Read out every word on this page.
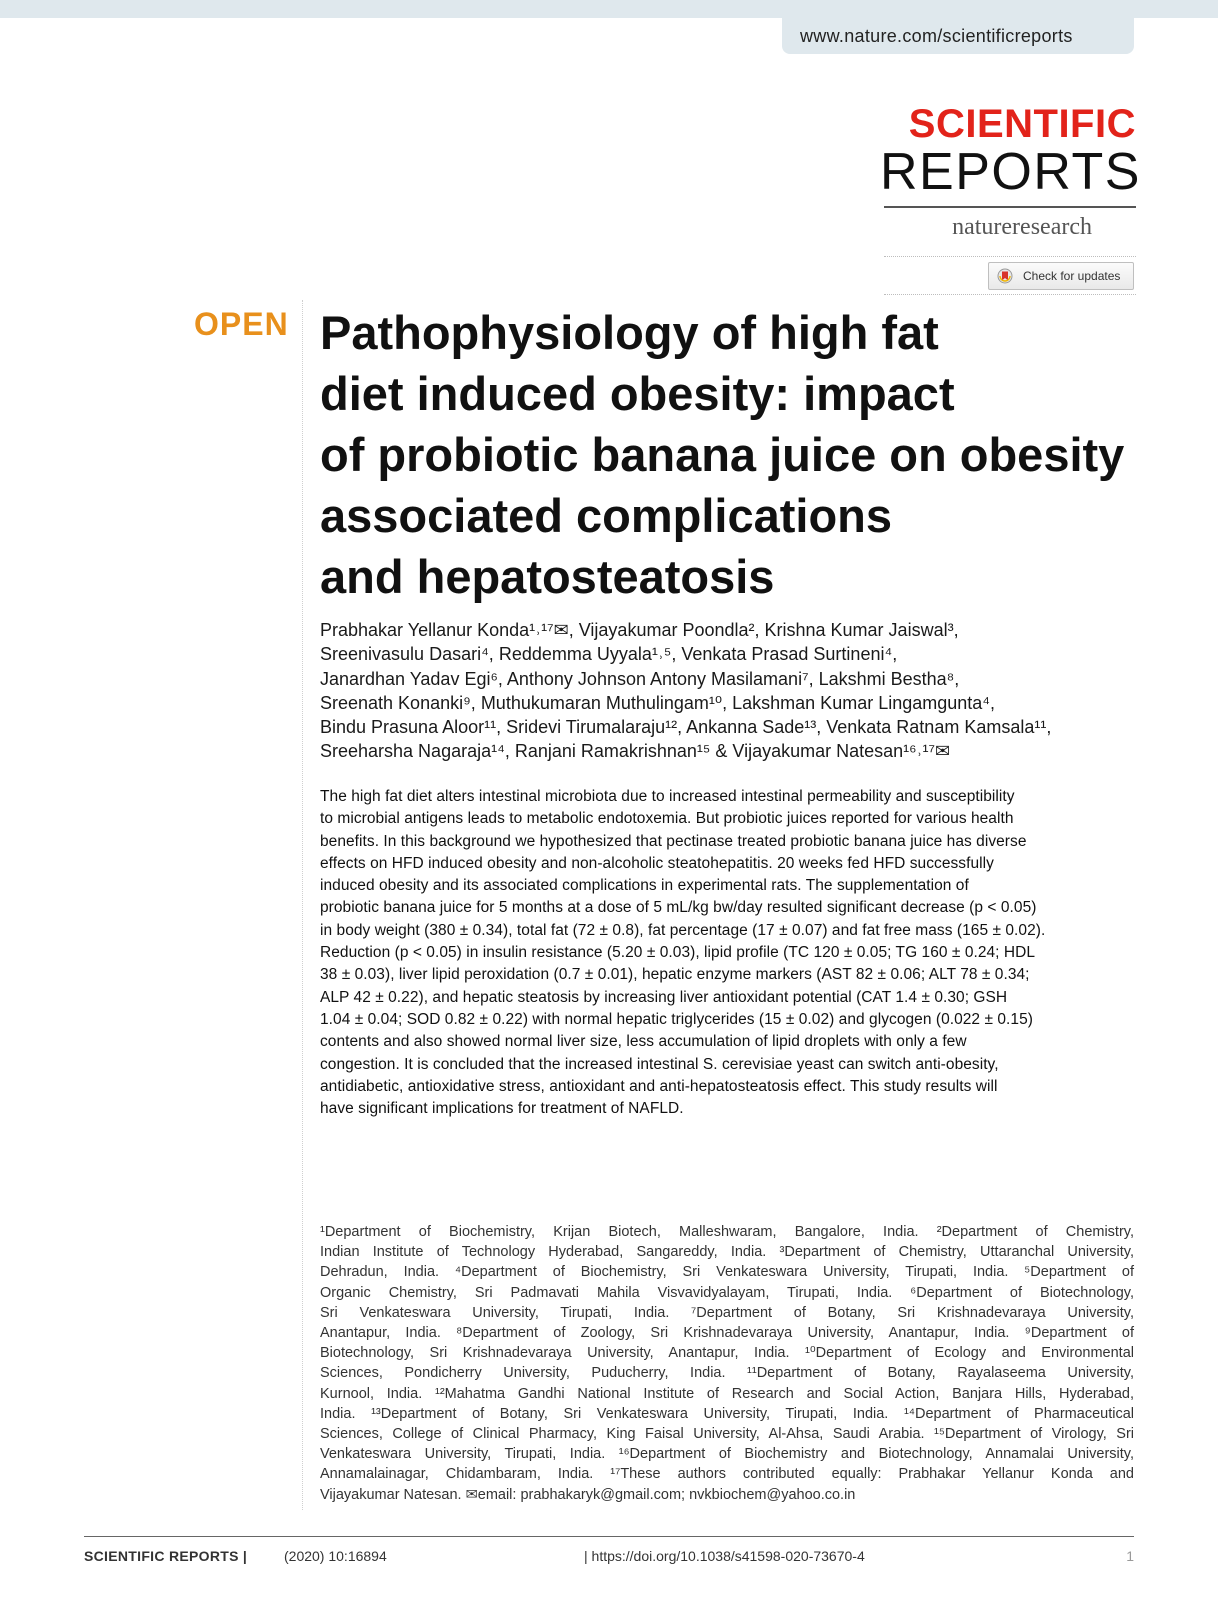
www.nature.com/scientificreports
SCIENTIFIC
REPORTS
natureresearch
Check for updates
OPEN Pathophysiology of high fat
diet induced obesity: impact
of probiotic banana juice on obesity
associated complications
and hepatosteatosis
Prabhakar Yellanur Konda¹˒¹⁷✉, Vijayakumar Poondla², Krishna Kumar Jaiswal³,
Sreenivasulu Dasari⁴, Reddemma Uyyala¹˒⁵, Venkata Prasad Surtineni⁴,
Janardhan Yadav Egi⁶, Anthony Johnson Antony Masilamani⁷, Lakshmi Bestha⁸,
Sreenath Konanki⁹, Muthukumaran Muthulingam¹⁰, Lakshman Kumar Lingamgunta⁴,
Bindu Prasuna Aloor¹¹, Sridevi Tirumalaraju¹², Ankanna Sade¹³, Venkata Ratnam Kamsala¹¹,
Sreeharsha Nagaraja¹⁴, Ranjani Ramakrishnan¹⁵ & Vijayakumar Natesan¹⁶˒¹⁷✉
The high fat diet alters intestinal microbiota due to increased intestinal permeability and susceptibility
to microbial antigens leads to metabolic endotoxemia. But probiotic juices reported for various health
benefits. In this background we hypothesized that pectinase treated probiotic banana juice has diverse
effects on HFD induced obesity and non-alcoholic steatohepatitis. 20 weeks fed HFD successfully
induced obesity and its associated complications in experimental rats. The supplementation of
probiotic banana juice for 5 months at a dose of 5 mL/kg bw/day resulted significant decrease (p < 0.05)
in body weight (380 ± 0.34), total fat (72 ± 0.8), fat percentage (17 ± 0.07) and fat free mass (165 ± 0.02).
Reduction (p < 0.05) in insulin resistance (5.20 ± 0.03), lipid profile (TC 120 ± 0.05; TG 160 ± 0.24; HDL
38 ± 0.03), liver lipid peroxidation (0.7 ± 0.01), hepatic enzyme markers (AST 82 ± 0.06; ALT 78 ± 0.34;
ALP 42 ± 0.22), and hepatic steatosis by increasing liver antioxidant potential (CAT 1.4 ± 0.30; GSH
1.04 ± 0.04; SOD 0.82 ± 0.22) with normal hepatic triglycerides (15 ± 0.02) and glycogen (0.022 ± 0.15)
contents and also showed normal liver size, less accumulation of lipid droplets with only a few
congestion. It is concluded that the increased intestinal S. cerevisiae yeast can switch anti-obesity,
antidiabetic, antioxidative stress, antioxidant and anti-hepatosteatosis effect. This study results will
have significant implications for treatment of NAFLD.
¹Department of Biochemistry, Krijan Biotech, Malleshwaram, Bangalore, India. ²Department of Chemistry,
Indian Institute of Technology Hyderabad, Sangareddy, India. ³Department of Chemistry, Uttaranchal University,
Dehradun, India. ⁴Department of Biochemistry, Sri Venkateswara University, Tirupati, India. ⁵Department of
Organic Chemistry, Sri Padmavati Mahila Visvavidyalayam, Tirupati, India. ⁶Department of Biotechnology,
Sri Venkateswara University, Tirupati, India. ⁷Department of Botany, Sri Krishnadevaraya University,
Anantapur, India. ⁸Department of Zoology, Sri Krishnadevaraya University, Anantapur, India. ⁹Department of
Biotechnology, Sri Krishnadevaraya University, Anantapur, India. ¹⁰Department of Ecology and Environmental
Sciences, Pondicherry University, Puducherry, India. ¹¹Department of Botany, Rayalaseema University,
Kurnool, India. ¹²Mahatma Gandhi National Institute of Research and Social Action, Banjara Hills, Hyderabad,
India. ¹³Department of Botany, Sri Venkateswara University, Tirupati, India. ¹⁴Department of Pharmaceutical
Sciences, College of Clinical Pharmacy, King Faisal University, Al-Ahsa, Saudi Arabia. ¹⁵Department of Virology, Sri
Venkateswara University, Tirupati, India. ¹⁶Department of Biochemistry and Biotechnology, Annamalai University,
Annamalainagar, Chidambaram, India. ¹⁷These authors contributed equally: Prabhakar Yellanur Konda and
Vijayakumar Natesan. ✉email: prabhakaryk@gmail.com; nvkbiochem@yahoo.co.in
SCIENTIFIC REPORTS |	(2020) 10:16894	| https://doi.org/10.1038/s41598-020-73670-4	1
